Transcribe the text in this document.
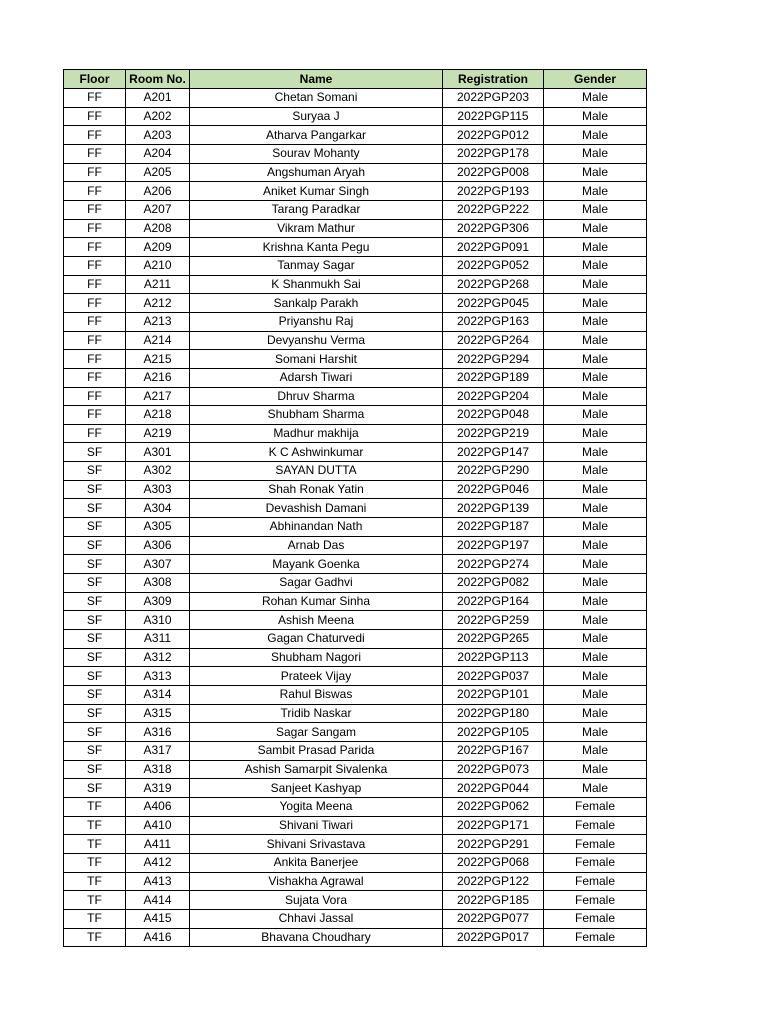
Floor	Room No.	Name	Registration	Gender
FF	A201	Chetan Somani	2022PGP203	Male
FF	A202	Suryaa J	2022PGP115	Male
FF	A203	Atharva Pangarkar	2022PGP012	Male
FF	A204	Sourav Mohanty	2022PGP178	Male
FF	A205	Angshuman Aryah	2022PGP008	Male
FF	A206	Aniket Kumar Singh	2022PGP193	Male
FF	A207	Tarang Paradkar	2022PGP222	Male
FF	A208	Vikram Mathur	2022PGP306	Male
FF	A209	Krishna Kanta Pegu	2022PGP091	Male
FF	A210	Tanmay Sagar	2022PGP052	Male
FF	A211	K Shanmukh Sai	2022PGP268	Male
FF	A212	Sankalp Parakh	2022PGP045	Male
FF	A213	Priyanshu Raj	2022PGP163	Male
FF	A214	Devyanshu Verma	2022PGP264	Male
FF	A215	Somani Harshit	2022PGP294	Male
FF	A216	Adarsh Tiwari	2022PGP189	Male
FF	A217	Dhruv Sharma	2022PGP204	Male
FF	A218	Shubham Sharma	2022PGP048	Male
FF	A219	Madhur makhija	2022PGP219	Male
SF	A301	K C Ashwinkumar	2022PGP147	Male
SF	A302	SAYAN DUTTA	2022PGP290	Male
SF	A303	Shah Ronak Yatin	2022PGP046	Male
SF	A304	Devashish Damani	2022PGP139	Male
SF	A305	Abhinandan Nath	2022PGP187	Male
SF	A306	Arnab Das	2022PGP197	Male
SF	A307	Mayank Goenka	2022PGP274	Male
SF	A308	Sagar Gadhvi	2022PGP082	Male
SF	A309	Rohan Kumar Sinha	2022PGP164	Male
SF	A310	Ashish Meena	2022PGP259	Male
SF	A311	Gagan Chaturvedi	2022PGP265	Male
SF	A312	Shubham Nagori	2022PGP113	Male
SF	A313	Prateek Vijay	2022PGP037	Male
SF	A314	Rahul Biswas	2022PGP101	Male
SF	A315	Tridib Naskar	2022PGP180	Male
SF	A316	Sagar Sangam	2022PGP105	Male
SF	A317	Sambit Prasad Parida	2022PGP167	Male
SF	A318	Ashish Samarpit Sivalenka	2022PGP073	Male
SF	A319	Sanjeet Kashyap	2022PGP044	Male
TF	A406	Yogita Meena	2022PGP062	Female
TF	A410	Shivani Tiwari	2022PGP171	Female
TF	A411	Shivani Srivastava	2022PGP291	Female
TF	A412	Ankita Banerjee	2022PGP068	Female
TF	A413	Vishakha Agrawal	2022PGP122	Female
TF	A414	Sujata Vora	2022PGP185	Female
TF	A415	Chhavi Jassal	2022PGP077	Female
TF	A416	Bhavana Choudhary	2022PGP017	Female
